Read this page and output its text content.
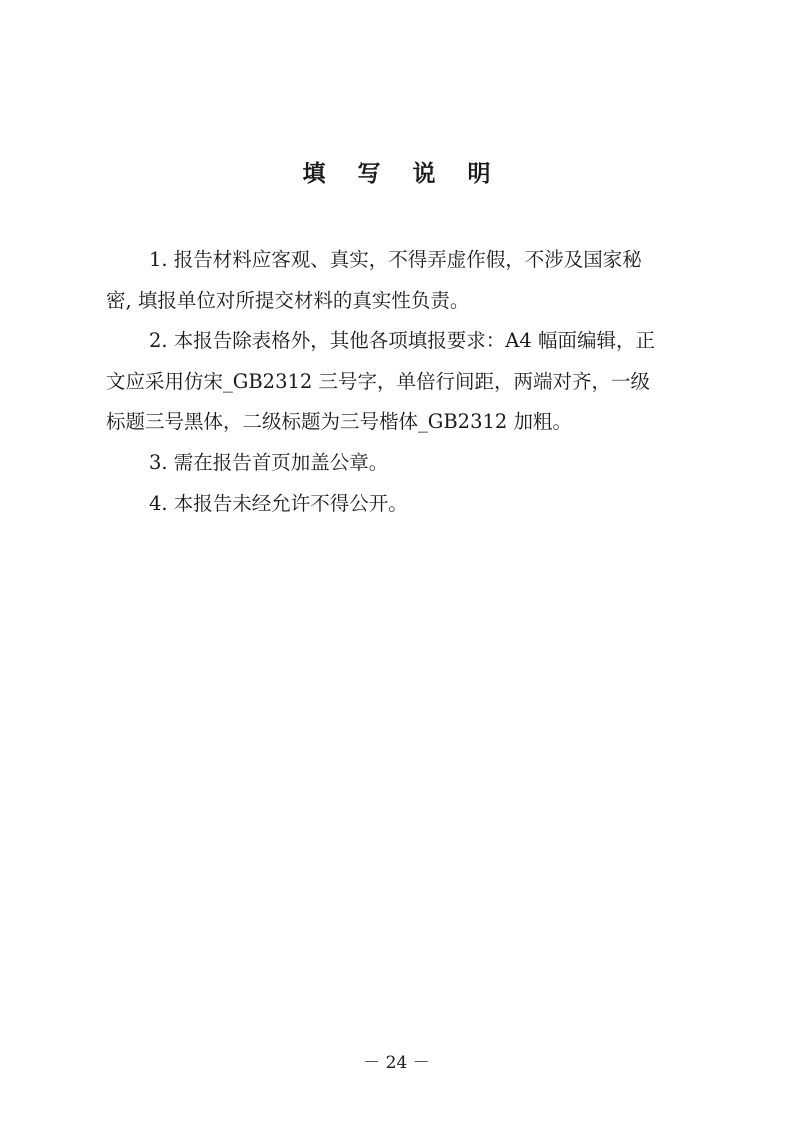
填 写 说 明

1. 报告材料应客观、真实，不得弄虚作假，不涉及国家秘
密, 填报单位对所提交材料的真实性负责。

2. 本报告除表格外，其他各项填报要求：A4 幅面编辑，正
文应采用仿宋_GB2312 三号字，单倍行间距，两端对齐，一级
标题三号黑体，二级标题为三号楷体_GB2312 加粗。

3. 需在报告首页加盖公章。

4. 本报告未经允许不得公开。

－ 24 －
